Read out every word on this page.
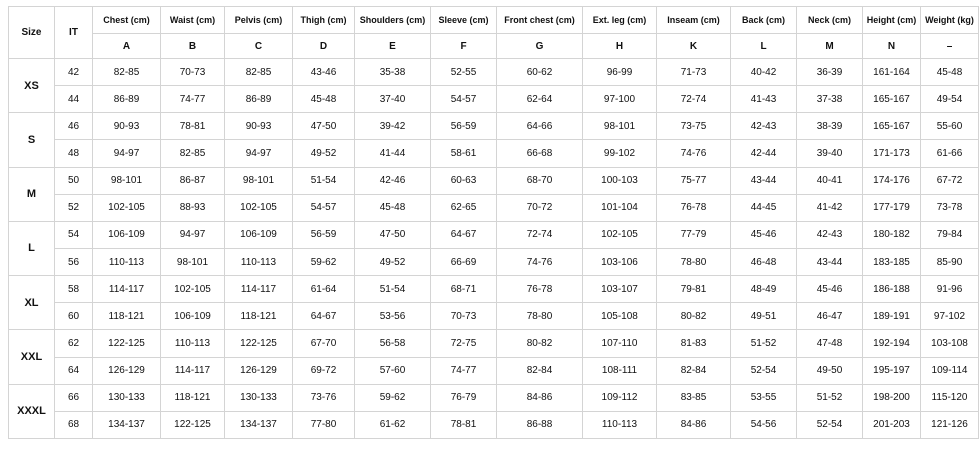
Size	IT	Chest (cm)	Waist (cm)	Pelvis (cm)	Thigh (cm)	Shoulders (cm)	Sleeve (cm)	Front chest (cm)	Ext. leg (cm)	Inseam (cm)	Back (cm)	Neck (cm)	Height (cm)	Weight (kg)
		A	B	C	D	E	F	G	H	K	L	M	N	–
XS	42	82-85	70-73	82-85	43-46	35-38	52-55	60-62	96-99	71-73	40-42	36-39	161-164	45-48
	44	86-89	74-77	86-89	45-48	37-40	54-57	62-64	97-100	72-74	41-43	37-38	165-167	49-54
S	46	90-93	78-81	90-93	47-50	39-42	56-59	64-66	98-101	73-75	42-43	38-39	165-167	55-60
	48	94-97	82-85	94-97	49-52	41-44	58-61	66-68	99-102	74-76	42-44	39-40	171-173	61-66
M	50	98-101	86-87	98-101	51-54	42-46	60-63	68-70	100-103	75-77	43-44	40-41	174-176	67-72
	52	102-105	88-93	102-105	54-57	45-48	62-65	70-72	101-104	76-78	44-45	41-42	177-179	73-78
L	54	106-109	94-97	106-109	56-59	47-50	64-67	72-74	102-105	77-79	45-46	42-43	180-182	79-84
	56	110-113	98-101	110-113	59-62	49-52	66-69	74-76	103-106	78-80	46-48	43-44	183-185	85-90
XL	58	114-117	102-105	114-117	61-64	51-54	68-71	76-78	103-107	79-81	48-49	45-46	186-188	91-96
	60	118-121	106-109	118-121	64-67	53-56	70-73	78-80	105-108	80-82	49-51	46-47	189-191	97-102
XXL	62	122-125	110-113	122-125	67-70	56-58	72-75	80-82	107-110	81-83	51-52	47-48	192-194	103-108
	64	126-129	114-117	126-129	69-72	57-60	74-77	82-84	108-111	82-84	52-54	49-50	195-197	109-114
XXXL	66	130-133	118-121	130-133	73-76	59-62	76-79	84-86	109-112	83-85	53-55	51-52	198-200	115-120
	68	134-137	122-125	134-137	77-80	61-62	78-81	86-88	110-113	84-86	54-56	52-54	201-203	121-126
